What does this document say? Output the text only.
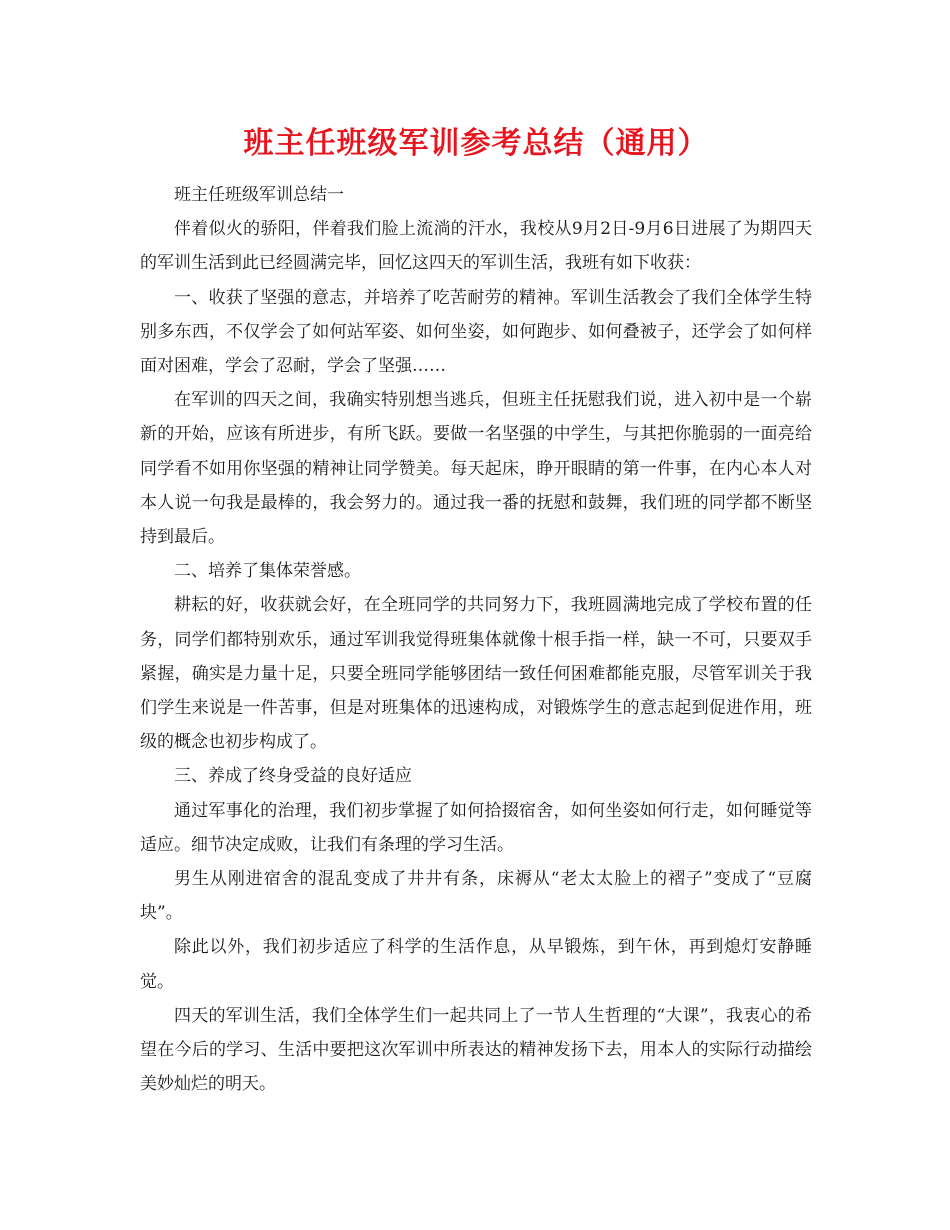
班主任班级军训参考总结（通用）

班主任班级军训总结一

伴着似火的骄阳，伴着我们脸上流淌的汗水，我校从9月2日-9月6日进展了为期四天的军训生活到此已经圆满完毕，回忆这四天的军训生活，我班有如下收获：

一、收获了坚强的意志，并培养了吃苦耐劳的精神。军训生活教会了我们全体学生特别多东西，不仅学会了如何站军姿、如何坐姿，如何跑步、如何叠被子，还学会了如何样面对困难，学会了忍耐，学会了坚强……

在军训的四天之间，我确实特别想当逃兵，但班主任抚慰我们说，进入初中是一个崭新的开始，应该有所进步，有所飞跃。要做一名坚强的中学生，与其把你脆弱的一面亮给同学看不如用你坚强的精神让同学赞美。每天起床，睁开眼睛的第一件事，在内心本人对本人说一句我是最棒的，我会努力的。通过我一番的抚慰和鼓舞，我们班的同学都不断坚持到最后。

二、培养了集体荣誉感。

耕耘的好，收获就会好，在全班同学的共同努力下，我班圆满地完成了学校布置的任务，同学们都特别欢乐，通过军训我觉得班集体就像十根手指一样，缺一不可，只要双手紧握，确实是力量十足，只要全班同学能够团结一致任何困难都能克服，尽管军训关于我们学生来说是一件苦事，但是对班集体的迅速构成，对锻炼学生的意志起到促进作用，班级的概念也初步构成了。

三、养成了终身受益的良好适应

通过军事化的治理，我们初步掌握了如何拾掇宿舍，如何坐姿如何行走，如何睡觉等适应。细节决定成败，让我们有条理的学习生活。

男生从刚进宿舍的混乱变成了井井有条，床褥从“老太太脸上的褶子”变成了“豆腐块”。

除此以外，我们初步适应了科学的生活作息，从早锻炼，到午休，再到熄灯安静睡觉。

四天的军训生活，我们全体学生们一起共同上了一节人生哲理的“大课”，我衷心的希望在今后的学习、生活中要把这次军训中所表达的精神发扬下去，用本人的实际行动描绘美妙灿烂的明天。
